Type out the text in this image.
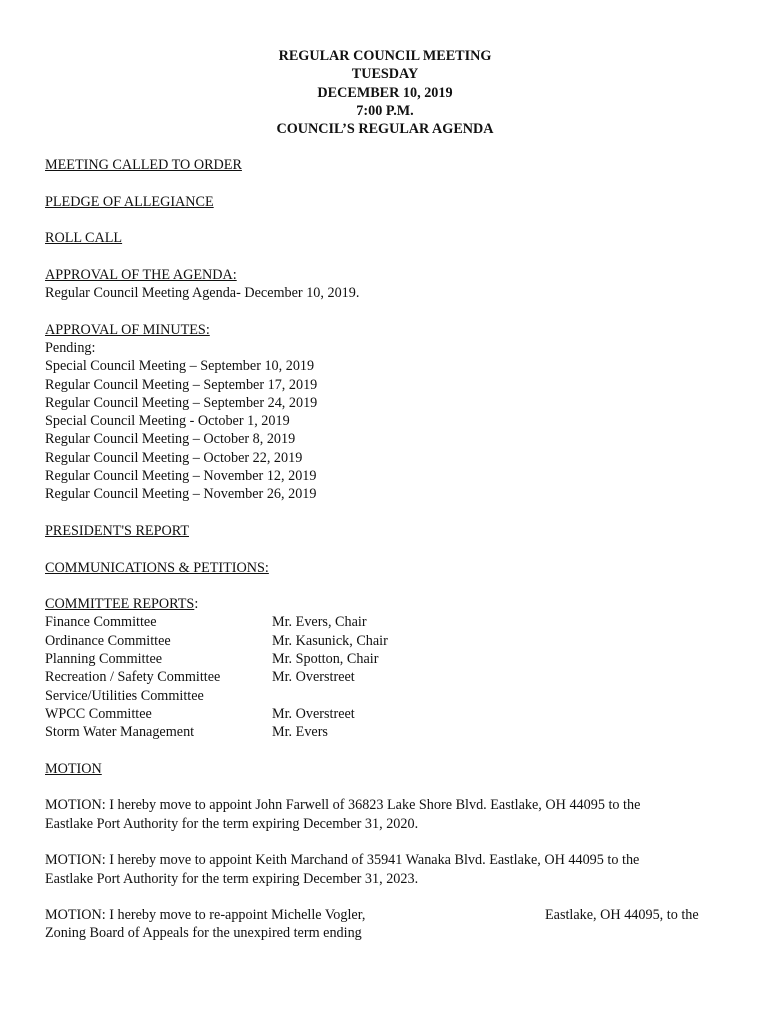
REGULAR COUNCIL MEETING
TUESDAY
DECEMBER 10, 2019
7:00 P.M.
COUNCIL’S REGULAR AGENDA
MEETING CALLED TO ORDER
PLEDGE OF ALLEGIANCE
ROLL CALL
APPROVAL OF THE AGENDA:
Regular Council Meeting Agenda- December 10, 2019.
APPROVAL OF MINUTES:
Pending:
Special Council Meeting – September 10, 2019
Regular Council Meeting – September 17, 2019
Regular Council Meeting – September 24, 2019
Special Council Meeting - October 1, 2019
Regular Council Meeting – October 8, 2019
Regular Council Meeting – October 22, 2019
Regular Council Meeting – November 12, 2019
Regular Council Meeting – November 26, 2019
PRESIDENT'S REPORT
COMMUNICATIONS & PETITIONS:
COMMITTEE REPORTS:
Finance Committee	Mr. Evers, Chair
Ordinance Committee	Mr. Kasunick, Chair
Planning Committee	Mr. Spotton, Chair
Recreation / Safety Committee	Mr. Overstreet
Service/Utilities Committee
WPCC Committee	Mr. Overstreet
Storm Water Management	Mr. Evers
MOTION
MOTION: I hereby move to appoint John Farwell of 36823 Lake Shore Blvd. Eastlake, OH 44095 to the
Eastlake Port Authority for the term expiring December 31, 2020.
MOTION: I hereby move to appoint Keith Marchand of 35941 Wanaka Blvd. Eastlake, OH 44095 to the
Eastlake Port Authority for the term expiring December 31, 2023.
MOTION: I hereby move to re-appoint Michelle Vogler,	Eastlake, OH 44095, to the
Zoning Board of Appeals for the unexpired term ending
